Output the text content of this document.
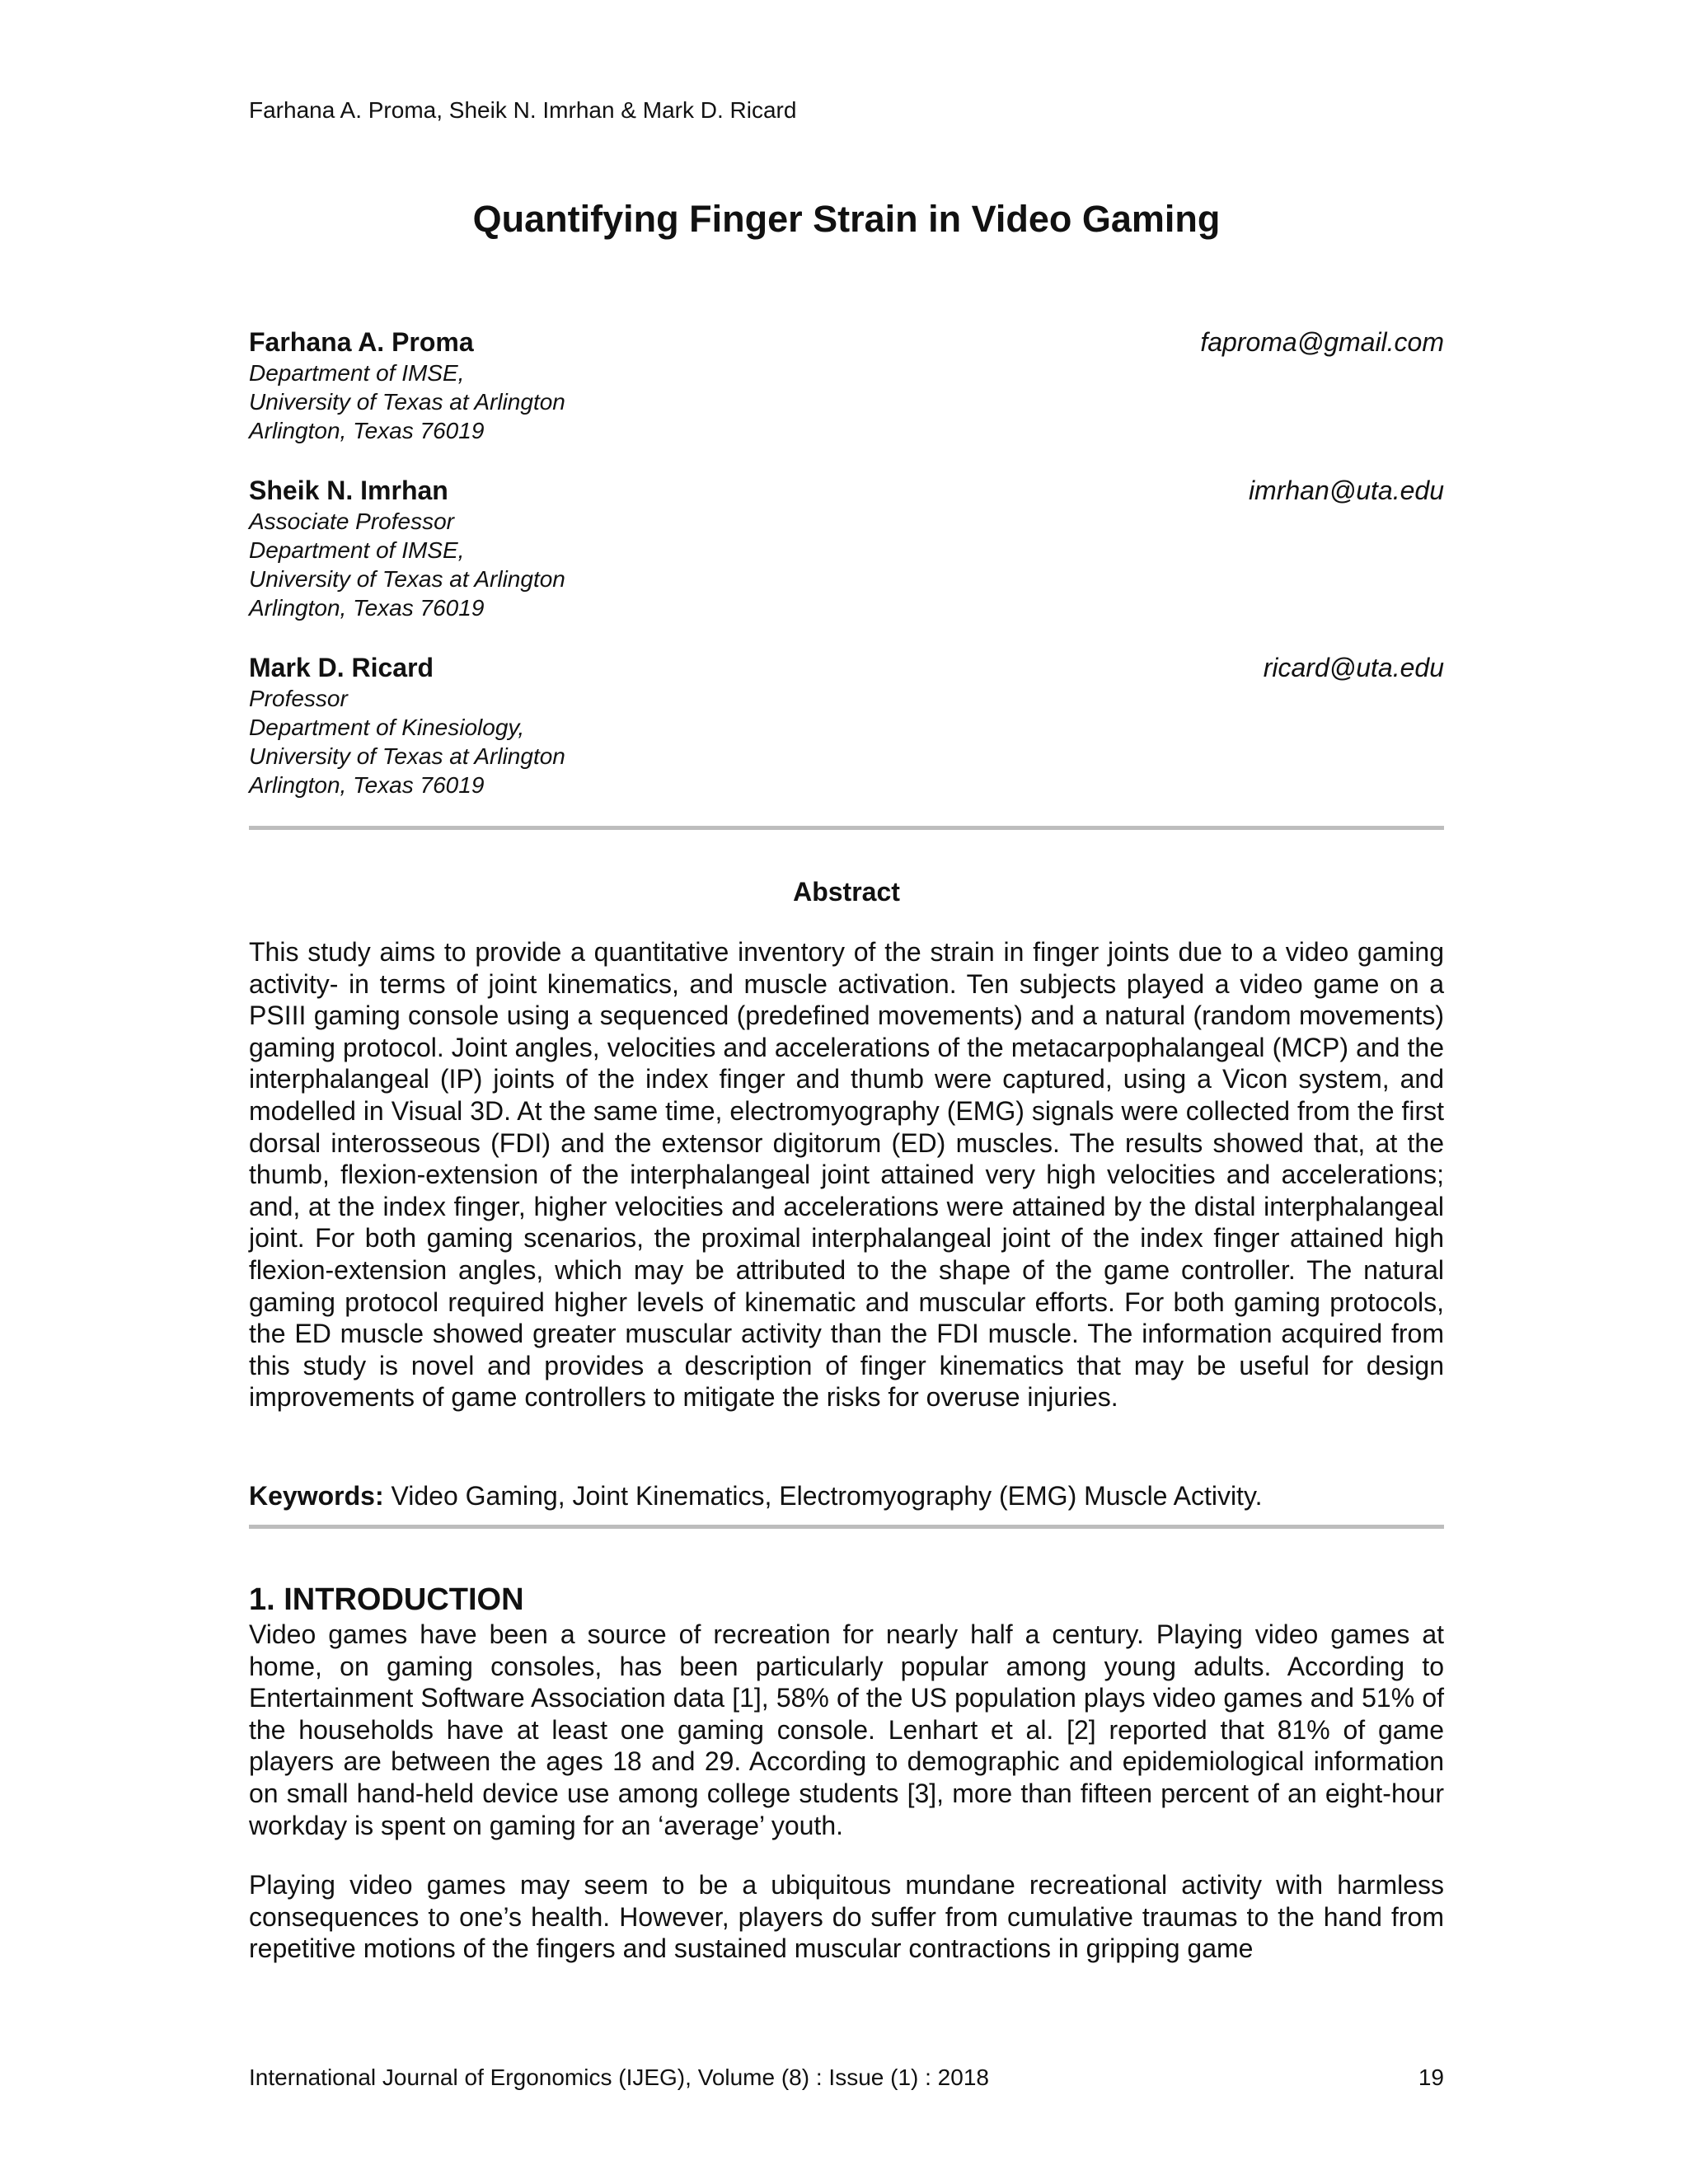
Farhana A. Proma, Sheik N. Imrhan & Mark D. Ricard
Quantifying Finger Strain in Video Gaming
Farhana A. Proma	faproma@gmail.com
Department of IMSE,
University of Texas at Arlington
Arlington, Texas 76019
Sheik N. Imrhan	imrhan@uta.edu
Associate Professor
Department of IMSE,
University of Texas at Arlington
Arlington, Texas 76019
Mark D. Ricard	ricard@uta.edu
Professor
Department of Kinesiology,
University of Texas at Arlington
Arlington, Texas 76019
Abstract

This study aims to provide a quantitative inventory of the strain in finger joints due to a video gaming activity- in terms of joint kinematics, and muscle activation. Ten subjects played a video game on a PSIII gaming console using a sequenced (predefined movements) and a natural (random movements) gaming protocol. Joint angles, velocities and accelerations of the metacarpophalangeal (MCP) and the interphalangeal (IP) joints of the index finger and thumb were captured, using a Vicon system, and modelled in Visual 3D. At the same time, electromyography (EMG) signals were collected from the first dorsal interosseous (FDI) and the extensor digitorum (ED) muscles. The results showed that, at the thumb, flexion-extension of the interphalangeal joint attained very high velocities and accelerations; and, at the index finger, higher velocities and accelerations were attained by the distal interphalangeal joint. For both gaming scenarios, the proximal interphalangeal joint of the index finger attained high flexion-extension angles, which may be attributed to the shape of the game controller. The natural gaming protocol required higher levels of kinematic and muscular efforts. For both gaming protocols, the ED muscle showed greater muscular activity than the FDI muscle. The information acquired from this study is novel and provides a description of finger kinematics that may be useful for design improvements of game controllers to mitigate the risks for overuse injuries.

Keywords: Video Gaming, Joint Kinematics, Electromyography (EMG) Muscle Activity.
1. INTRODUCTION

Video games have been a source of recreation for nearly half a century. Playing video games at home, on gaming consoles, has been particularly popular among young adults. According to Entertainment Software Association data [1], 58% of the US population plays video games and 51% of the households have at least one gaming console. Lenhart et al. [2] reported that 81% of game players are between the ages 18 and 29. According to demographic and epidemiological information on small hand-held device use among college students [3], more than fifteen percent of an eight-hour workday is spent on gaming for an ‘average’ youth.

Playing video games may seem to be a ubiquitous mundane recreational activity with harmless consequences to one’s health. However, players do suffer from cumulative traumas to the hand from repetitive motions of the fingers and sustained muscular contractions in gripping game

International Journal of Ergonomics (IJEG), Volume (8) : Issue (1) : 2018	19
